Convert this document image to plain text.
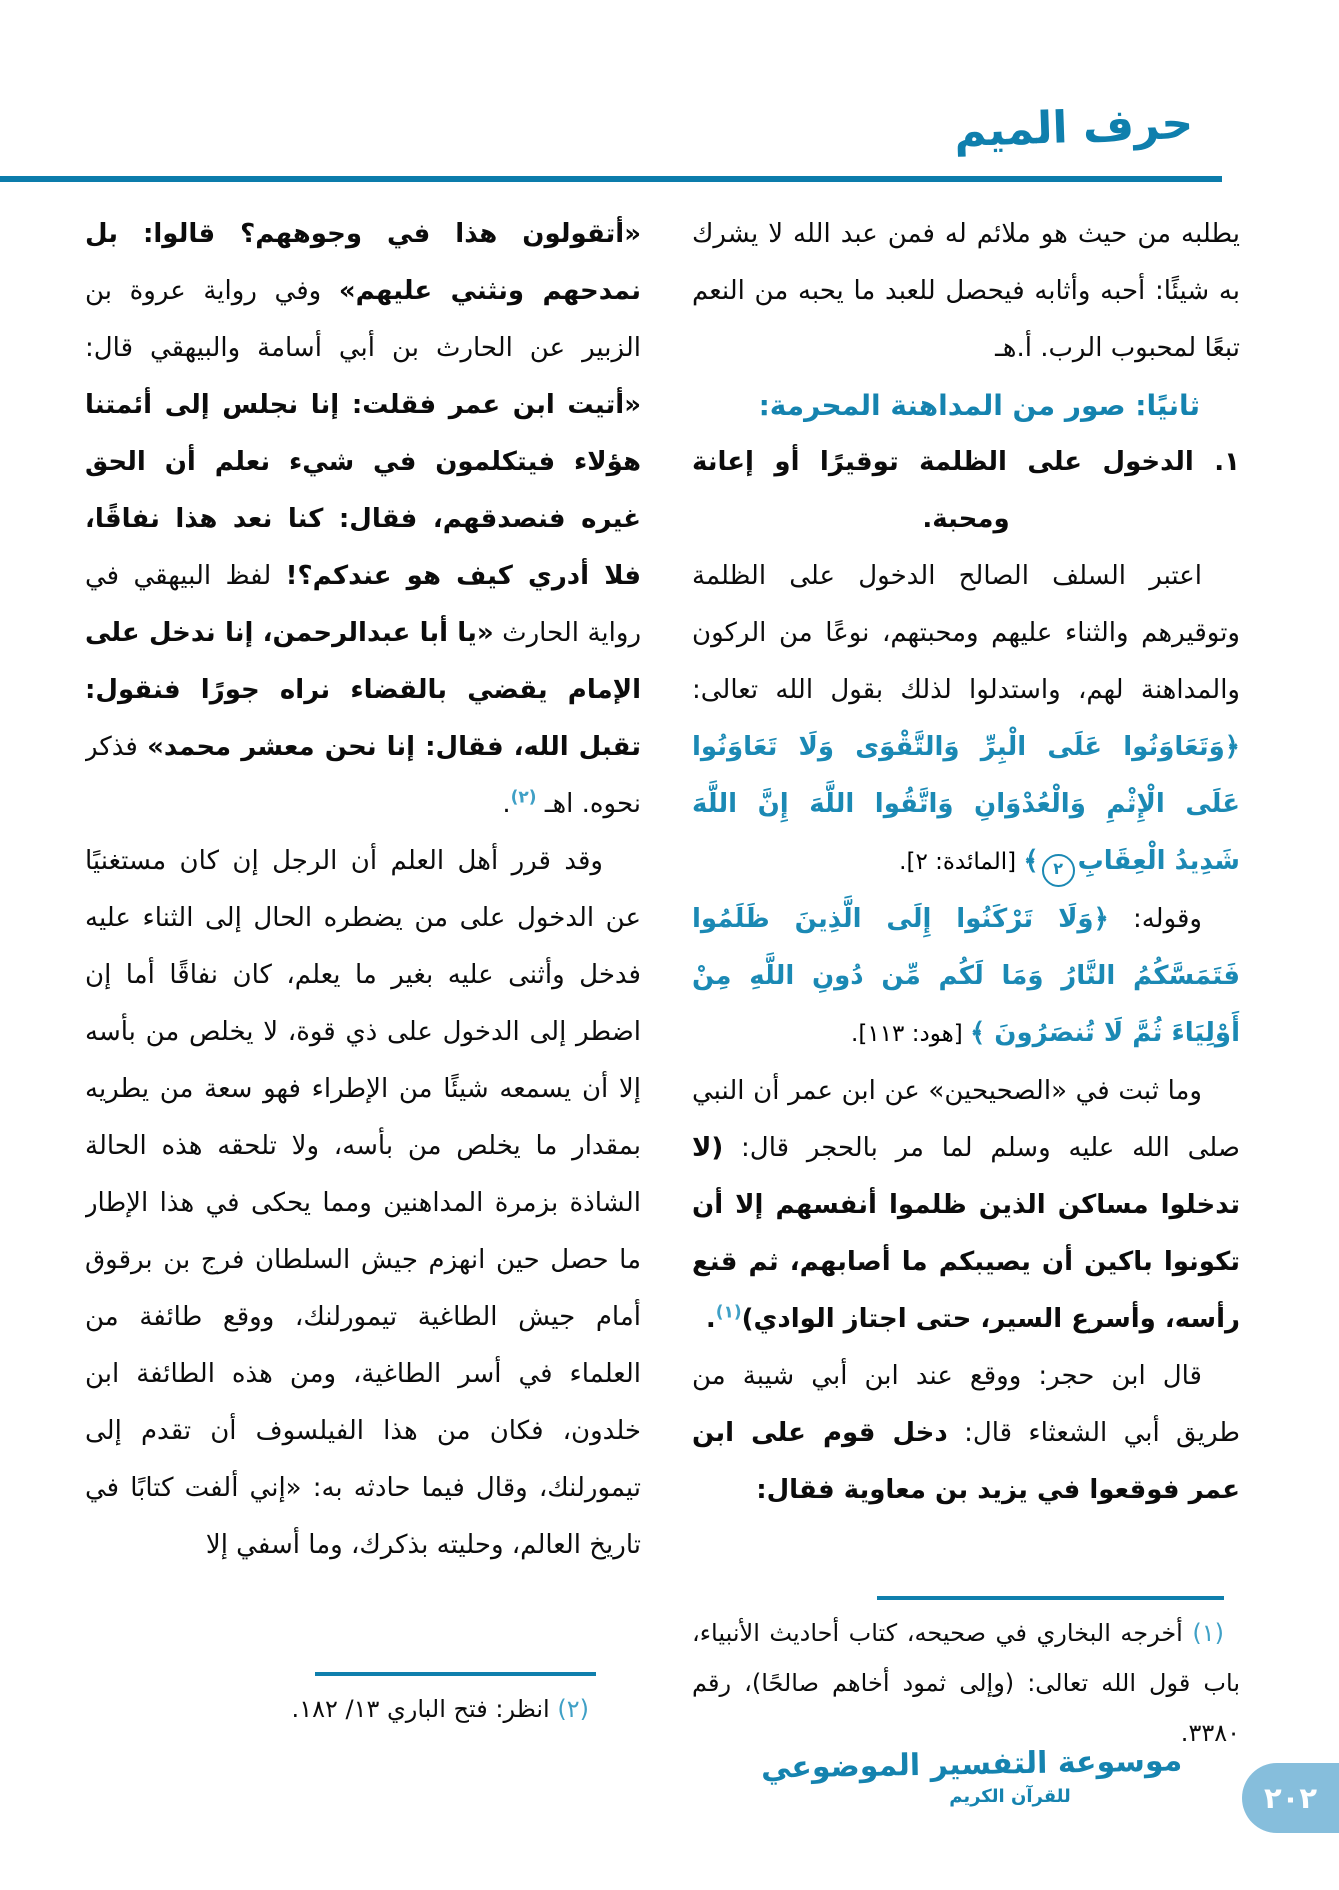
حرف الميم

يطلبه من حيث هو ملائم له فمن عبد الله لا يشرك به شيئًا: أحبه وأثابه فيحصل للعبد ما يحبه من النعم تبعًا لمحبوب الرب. أ.هـ

ثانيًا: صور من المداهنة المحرمة:

١. الدخول على الظلمة توقيرًا أو إعانة ومحبة.

اعتبر السلف الصالح الدخول على الظلمة وتوقيرهم والثناء عليهم ومحبتهم، نوعًا من الركون والمداهنة لهم، واستدلوا لذلك بقول الله تعالى: ﴿وَتَعَاوَنُوا عَلَى الْبِرِّ وَالتَّقْوَى وَلَا تَعَاوَنُوا عَلَى الْإِثْمِ وَالْعُدْوَانِ وَاتَّقُوا اللَّهَ إِنَّ اللَّهَ شَدِيدُ الْعِقَابِ٢﴾ [المائدة: ٢].

وقوله: ﴿وَلَا تَرْكَنُوا إِلَى الَّذِينَ ظَلَمُوا فَتَمَسَّكُمُ النَّارُ وَمَا لَكُم مِّن دُونِ اللَّهِ مِنْ أَوْلِيَاءَ ثُمَّ لَا تُنصَرُونَ ﴾ [هود: ١١٣].

وما ثبت في «الصحيحين» عن ابن عمر أن النبي صلى الله عليه وسلم لما مر بالحجر قال: (لا تدخلوا مساكن الذين ظلموا أنفسهم إلا أن تكونوا باكين أن يصيبكم ما أصابهم، ثم قنع رأسه، وأسرع السير، حتى اجتاز الوادي)$^{(١)}$.

قال ابن حجر: ووقع عند ابن أبي شيبة من طريق أبي الشعثاء قال: دخل قوم على ابن عمر فوقعوا في يزيد بن معاوية فقال:

(١) أخرجه البخاري في صحيحه، كتاب أحاديث الأنبياء، باب قول الله تعالى: (وإلى ثمود أخاهم صالحًا)، رقم ٣٣٨٠.

«أتقولون هذا في وجوههم؟ قالوا: بل نمدحهم ونثني عليهم» وفي رواية عروة بن الزبير عن الحارث بن أبي أسامة والبيهقي قال: «أتيت ابن عمر فقلت: إنا نجلس إلى أئمتنا هؤلاء فيتكلمون في شيء نعلم أن الحق غيره فنصدقهم، فقال: كنا نعد هذا نفاقًا، فلا أدري كيف هو عندكم؟! لفظ البيهقي في رواية الحارث «يا أبا عبدالرحمن، إنا ندخل على الإمام يقضي بالقضاء نراه جورًا فنقول: تقبل الله، فقال: إنا نحن معشر محمد» فذكر نحوه. اهـ $^{(٢)}$.

وقد قرر أهل العلم أن الرجل إن كان مستغنيًا عن الدخول على من يضطره الحال إلى الثناء عليه فدخل وأثنى عليه بغير ما يعلم، كان نفاقًا أما إن اضطر إلى الدخول على ذي قوة، لا يخلص من بأسه إلا أن يسمعه شيئًا من الإطراء فهو سعة من يطريه بمقدار ما يخلص من بأسه، ولا تلحقه هذه الحالة الشاذة بزمرة المداهنين ومما يحكى في هذا الإطار ما حصل حين انهزم جيش السلطان فرج بن برقوق أمام جيش الطاغية تيمورلنك، ووقع طائفة من العلماء في أسر الطاغية، ومن هذه الطائفة ابن خلدون، فكان من هذا الفيلسوف أن تقدم إلى تيمورلنك، وقال فيما حادثه به: «إني ألفت كتابًا في تاريخ العالم، وحليته بذكرك، وما أسفي إلا

(٢) انظر: فتح الباري ١٣/ ١٨٢.

موسوعة التفسير الموضوعي
للقرآن الكريم	٢٠٢
